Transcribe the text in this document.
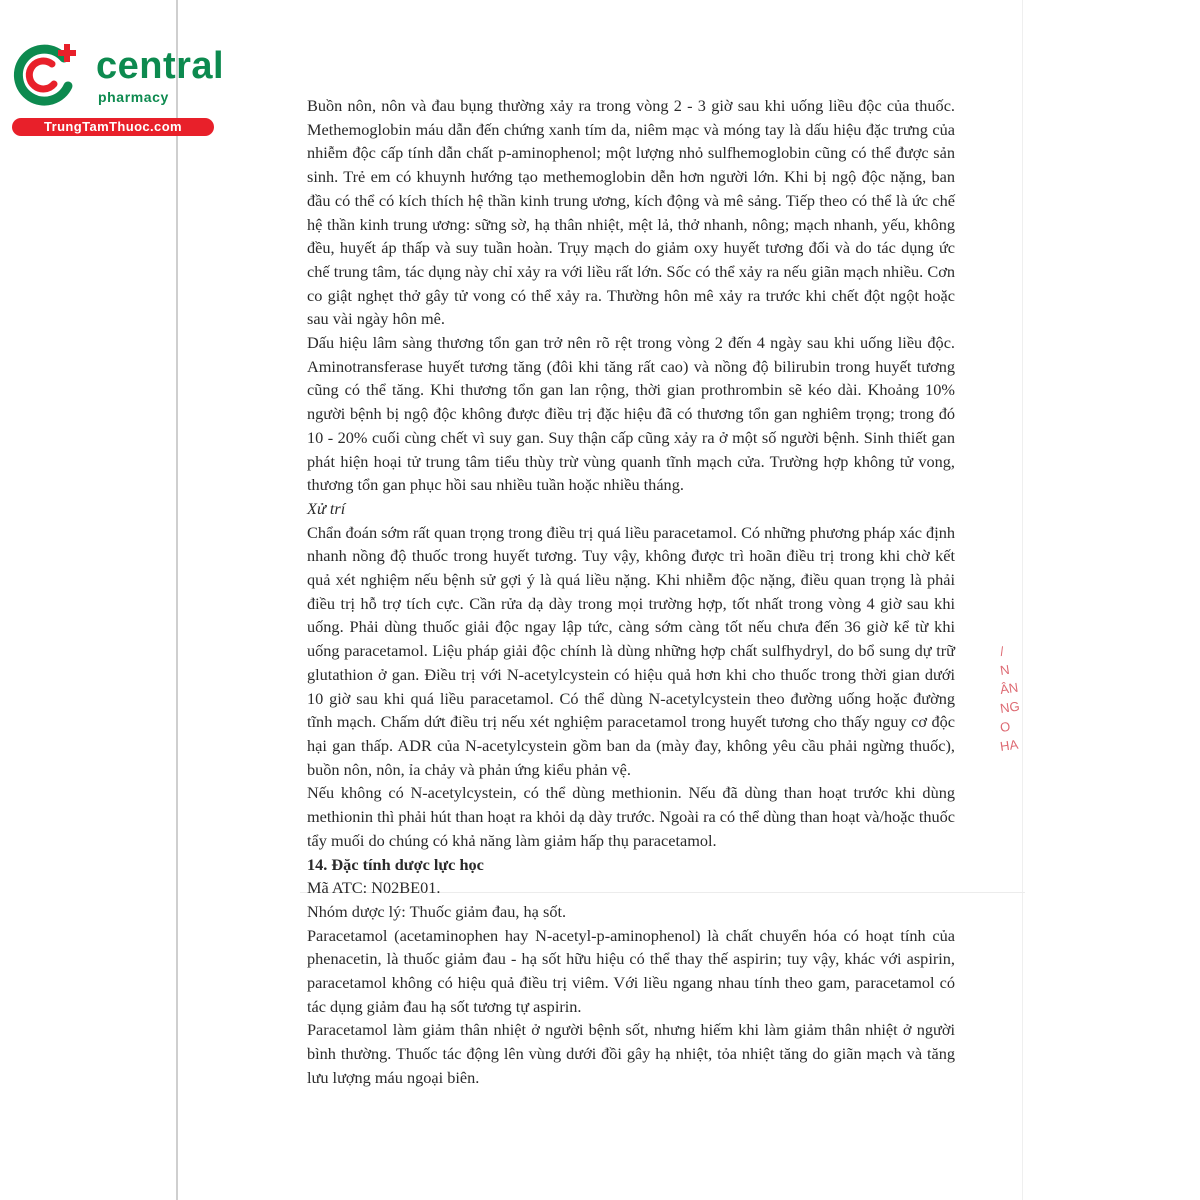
central
pharmacy
TrungTamThuoc.com

Buồn nôn, nôn và đau bụng thường xảy ra trong vòng 2 - 3 giờ sau khi uống liều độc của thuốc. Methemoglobin máu dẫn đến chứng xanh tím da, niêm mạc và móng tay là dấu hiệu đặc trưng của nhiễm độc cấp tính dẫn chất p-aminophenol; một lượng nhỏ sulfhemoglobin cũng có thể được sản sinh. Trẻ em có khuynh hướng tạo methemoglobin dễn hơn người lớn. Khi bị ngộ độc nặng, ban đầu có thể có kích thích hệ thần kinh trung ương, kích động và mê sảng. Tiếp theo có thể là ức chế hệ thần kinh trung ương: sững sờ, hạ thân nhiệt, mệt lả, thở nhanh, nông; mạch nhanh, yếu, không đều, huyết áp thấp và suy tuần hoàn. Trụy mạch do giảm oxy huyết tương đối và do tác dụng ức chế trung tâm, tác dụng này chỉ xảy ra với liều rất lớn. Sốc có thể xảy ra nếu giãn mạch nhiều. Cơn co giật nghẹt thở gây tử vong có thể xảy ra. Thường hôn mê xảy ra trước khi chết đột ngột hoặc sau vài ngày hôn mê.

Dấu hiệu lâm sàng thương tổn gan trở nên rõ rệt trong vòng 2 đến 4 ngày sau khi uống liều độc. Aminotransferase huyết tương tăng (đôi khi tăng rất cao) và nồng độ bilirubin trong huyết tương cũng có thể tăng. Khi thương tổn gan lan rộng, thời gian prothrombin sẽ kéo dài. Khoảng 10% người bệnh bị ngộ độc không được điều trị đặc hiệu đã có thương tổn gan nghiêm trọng; trong đó 10 - 20% cuối cùng chết vì suy gan. Suy thận cấp cũng xảy ra ở một số người bệnh. Sinh thiết gan phát hiện hoại tử trung tâm tiểu thùy trừ vùng quanh tĩnh mạch cửa. Trường hợp không tử vong, thương tổn gan phục hồi sau nhiều tuần hoặc nhiều tháng.

Xử trí

Chẩn đoán sớm rất quan trọng trong điều trị quá liều paracetamol. Có những phương pháp xác định nhanh nồng độ thuốc trong huyết tương. Tuy vậy, không được trì hoãn điều trị trong khi chờ kết quả xét nghiệm nếu bệnh sử gợi ý là quá liều nặng. Khi nhiễm độc nặng, điều quan trọng là phải điều trị hỗ trợ tích cực. Cần rửa dạ dày trong mọi trường hợp, tốt nhất trong vòng 4 giờ sau khi uống. Phải dùng thuốc giải độc ngay lập tức, càng sớm càng tốt nếu chưa đến 36 giờ kể từ khi uống paracetamol. Liệu pháp giải độc chính là dùng những hợp chất sulfhydryl, do bổ sung dự trữ glutathion ở gan. Điều trị với N-acetylcystein có hiệu quả hơn khi cho thuốc trong thời gian dưới 10 giờ sau khi quá liều paracetamol. Có thể dùng N-acetylcystein theo đường uống hoặc đường tĩnh mạch. Chấm dứt điều trị nếu xét nghiệm paracetamol trong huyết tương cho thấy nguy cơ độc hại gan thấp. ADR của N-acetylcystein gồm ban da (mày đay, không yêu cầu phải ngừng thuốc), buồn nôn, nôn, ỉa chảy và phản ứng kiểu phản vệ.

Nếu không có N-acetylcystein, có thể dùng methionin. Nếu đã dùng than hoạt trước khi dùng methionin thì phải hút than hoạt ra khỏi dạ dày trước. Ngoài ra có thể dùng than hoạt và/hoặc thuốc tẩy muối do chúng có khả năng làm giảm hấp thụ paracetamol.

14. Đặc tính dược lực học

Mã ATC: N02BE01.

Nhóm dược lý: Thuốc giảm đau, hạ sốt.

Paracetamol (acetaminophen hay N-acetyl-p-aminophenol) là chất chuyển hóa có hoạt tính của phenacetin, là thuốc giảm đau - hạ sốt hữu hiệu có thể thay thế aspirin; tuy vậy, khác với aspirin, paracetamol không có hiệu quả điều trị viêm. Với liều ngang nhau tính theo gam, paracetamol có tác dụng giảm đau hạ sốt tương tự aspirin.

Paracetamol làm giảm thân nhiệt ở người bệnh sốt, nhưng hiếm khi làm giảm thân nhiệt ở người bình thường. Thuốc tác động lên vùng dưới đồi gây hạ nhiệt, tỏa nhiệt tăng do giãn mạch và tăng lưu lượng máu ngoại biên.

/
N
ÂN
NG
O
HA
